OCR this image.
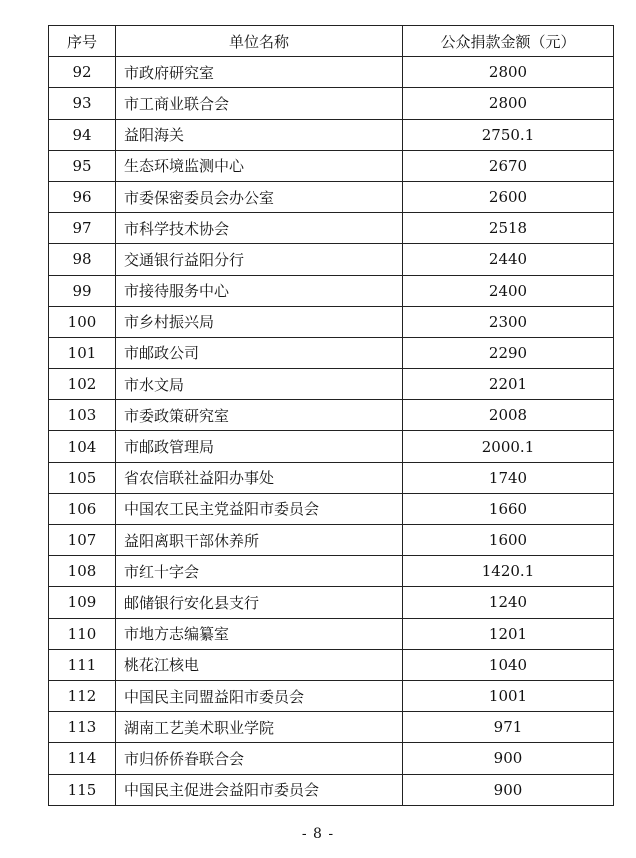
序号	单位名称	公众捐款金额（元）
92	市政府研究室	2800
93	市工商业联合会	2800
94	益阳海关	2750.1
95	生态环境监测中心	2670
96	市委保密委员会办公室	2600
97	市科学技术协会	2518
98	交通银行益阳分行	2440
99	市接待服务中心	2400
100	市乡村振兴局	2300
101	市邮政公司	2290
102	市水文局	2201
103	市委政策研究室	2008
104	市邮政管理局	2000.1
105	省农信联社益阳办事处	1740
106	中国农工民主党益阳市委员会	1660
107	益阳离职干部休养所	1600
108	市红十字会	1420.1
109	邮储银行安化县支行	1240
110	市地方志编纂室	1201
111	桃花江核电	1040
112	中国民主同盟益阳市委员会	1001
113	湖南工艺美术职业学院	971
114	市归侨侨眷联合会	900
115	中国民主促进会益阳市委员会	900
- 8 -
